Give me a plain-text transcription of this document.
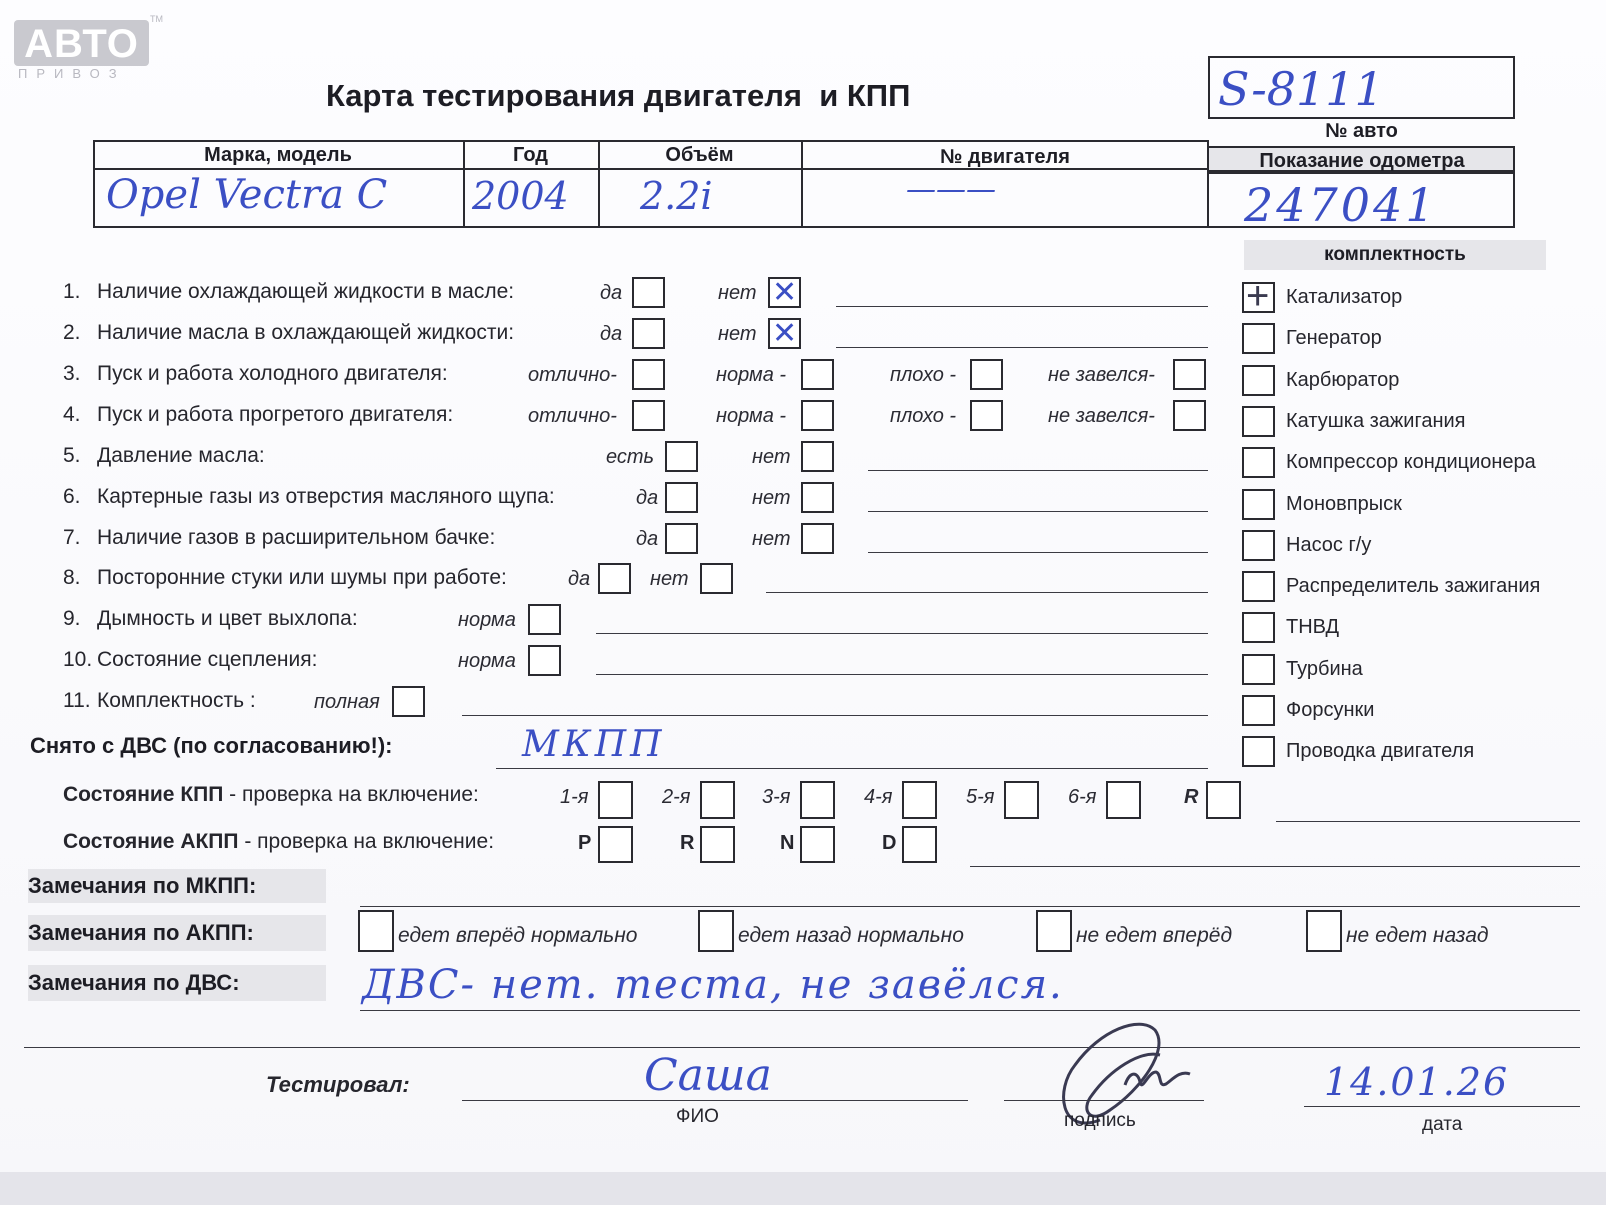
АВТО
ПРИВОЗ
TM
Карта тестирования двигателя  и КПП	S-8111
№ авто
Марка, модель	Год	Объём	№ двигателя	Показание одометра
Opel Vectra C 2004 2.2i	———	247041
комплектность
+ Катализатор
Генератор
Карбюратор
Катушка зажигания
Компрессор кондиционера
Моновпрыск
Насос г/у
Распределитель зажигания
ТНВД
Турбина
Форсунки
Проводка двигателя
1. Наличие охлаждающей жидкости в масле:	да	нет ✕
2. Наличие масла в охлаждающей жидкости:	да	нет ✕
3. Пуск и работа холодного двигателя:	отлично-	норма -	плохо -	не завелся-
4. Пуск и работа прогретого двигателя:	отлично-	норма -	плохо -	не завелся-
5. Давление масла:	есть	нет
6. Картерные газы из отверстия масляного щупа:	да	нет
7. Наличие газов в расширительном бачке:	да	нет
8. Посторонние стуки или шумы при работе:	да	нет
9. Дымность и цвет выхлопа:	норма
10. Состояние сцепления:	норма
11. Комплектность :	полная
Снято с ДВС (по согласованию!):	МКПП
Состояние КПП - проверка на включение:	1-я	2-я	3-я	4-я	5-я	6-я	R
Состояние АКПП - проверка на включение:	P	R	N	D
Замечания по МКПП:
Замечания по АКПП:	едет вперёд нормально	едет назад нормально	не едет вперёд	не едет назад
Замечания по ДВС:	ДВС- нет. теста, не завёлся.
Тестировал:	Саша
ФИО	подпись
14.01.26
дата
